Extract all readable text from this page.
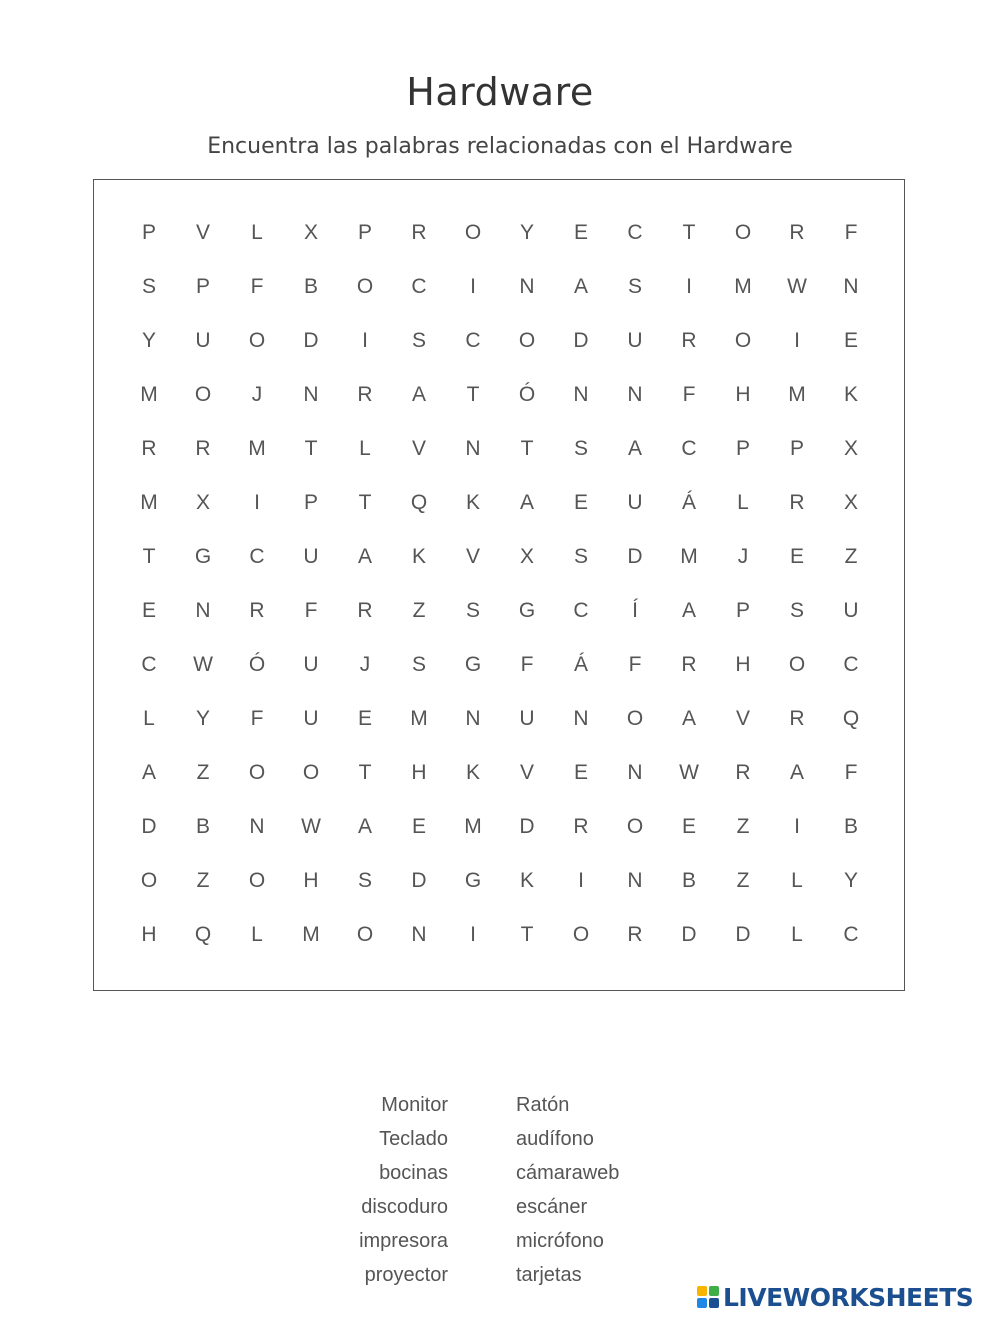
Hardware
Encuentra las palabras relacionadas con el Hardware
P	V	L	X	P	R	O	Y	E	C	T	O	R	F
S	P	F	B	O	C	I	N	A	S	I	M	W	N
Y	U	O	D	I	S	C	O	D	U	R	O	I	E
M	O	J	N	R	A	T	Ó	N	N	F	H	M	K
R	R	M	T	L	V	N	T	S	A	C	P	P	X
M	X	I	P	T	Q	K	A	E	U	Á	L	R	X
T	G	C	U	A	K	V	X	S	D	M	J	E	Z
E	N	R	F	R	Z	S	G	C	Í	A	P	S	U
C	W	Ó	U	J	S	G	F	Á	F	R	H	O	C
L	Y	F	U	E	M	N	U	N	O	A	V	R	Q
A	Z	O	O	T	H	K	V	E	N	W	R	A	F
D	B	N	W	A	E	M	D	R	O	E	Z	I	B
O	Z	O	H	S	D	G	K	I	N	B	Z	L	Y
H	Q	L	M	O	N	I	T	O	R	D	D	L	C
Monitor
Teclado
bocinas
discoduro
impresora
proyector
Ratón
audífono
cámaraweb
escáner
micrófono
tarjetas
LIVEWORKSHEETS
